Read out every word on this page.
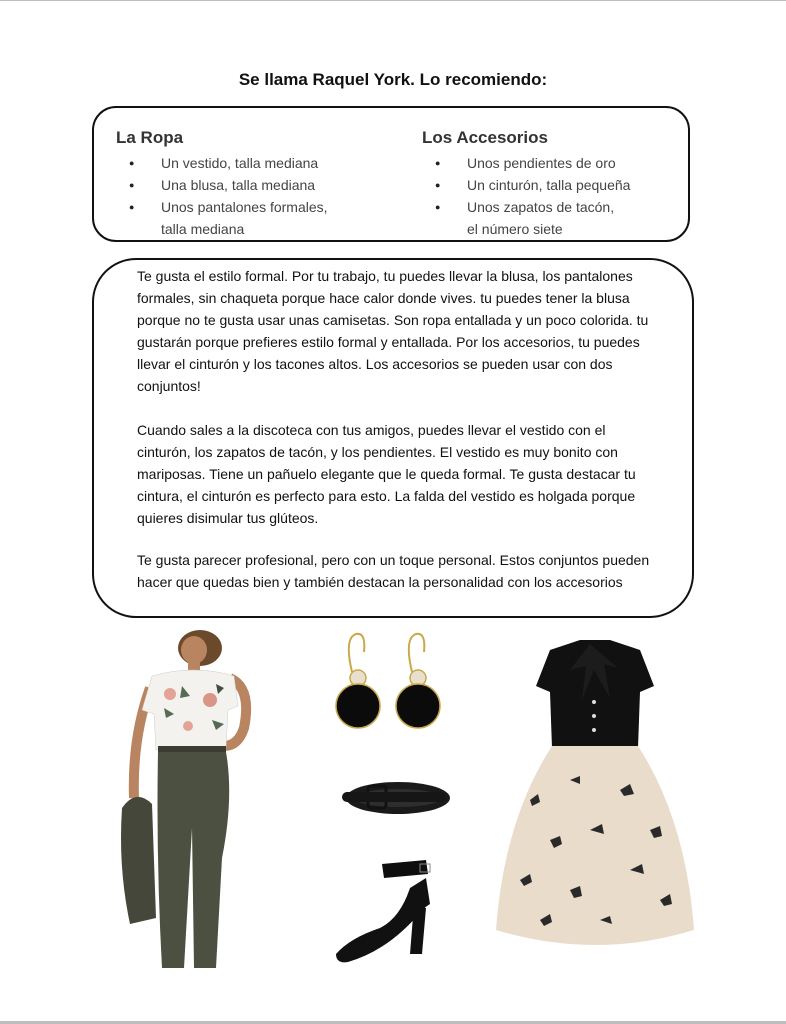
Se llama Raquel York. Lo recomiendo:
La Ropa
● Un vestido, talla mediana
● Una blusa, talla mediana
● Unos pantalones formales,
talla mediana
Los Accesorios
● Unos pendientes de oro
● Un cinturón, talla pequeña
● Unos zapatos de tacón,
el número siete

Te gusta el estilo formal. Por tu trabajo, tu puedes llevar la blusa, los pantalones formales, sin chaqueta porque hace calor donde vives. tu puedes tener la blusa porque no te gusta usar unas camisetas. Son ropa entallada y un poco colorida. tu gustarán porque prefieres estilo formal y entallada. Por los accesorios, tu puedes llevar el cinturón y los tacones altos. Los accesorios se pueden usar con dos conjuntos!

Cuando sales a la discoteca con tus amigos, puedes llevar el vestido con el cinturón, los zapatos de tacón, y los pendientes. El vestido es muy bonito con mariposas. Tiene un pañuelo elegante que le queda formal. Te gusta destacar tu cintura, el cinturón es perfecto para esto. La falda del vestido es holgada porque quieres disimular tus glúteos.

Te gusta parecer profesional, pero con un toque personal. Estos conjuntos pueden hacer que quedas bien y también destacan la personalidad con los accesorios
